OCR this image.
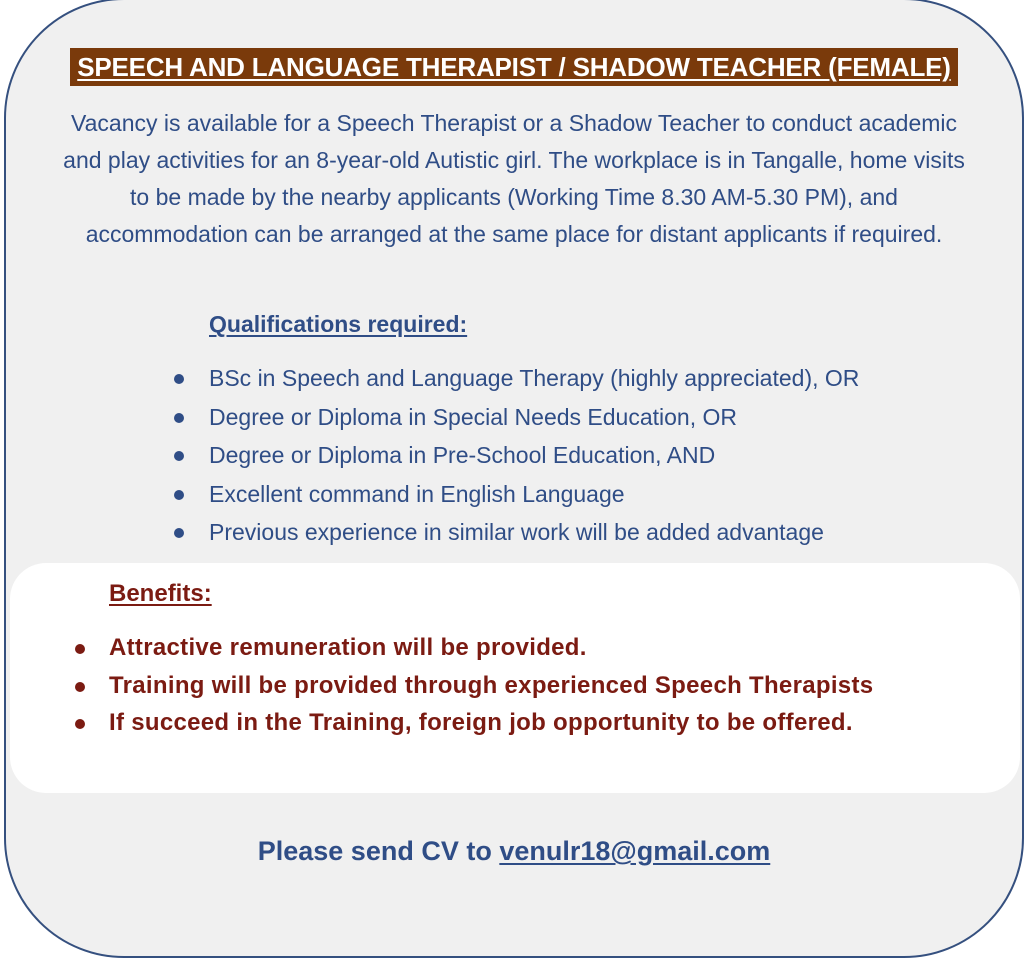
SPEECH AND LANGUAGE THERAPIST / SHADOW TEACHER (FEMALE)
Vacancy is available for a Speech Therapist or a Shadow Teacher to conduct academic and play activities for an 8-year-old Autistic girl. The workplace is in Tangalle, home visits to be made by the nearby applicants (Working Time 8.30 AM-5.30 PM), and accommodation can be arranged at the same place for distant applicants if required.
Qualifications required:
BSc in Speech and Language Therapy (highly appreciated), OR
Degree or Diploma in Special Needs Education, OR
Degree or Diploma in Pre-School Education, AND
Excellent command in English Language
Previous experience in similar work will be added advantage
Benefits:
Attractive remuneration will be provided.
Training will be provided through experienced Speech Therapists
If succeed in the Training, foreign job opportunity to be offered.
Please send CV to venulr18@gmail.com
